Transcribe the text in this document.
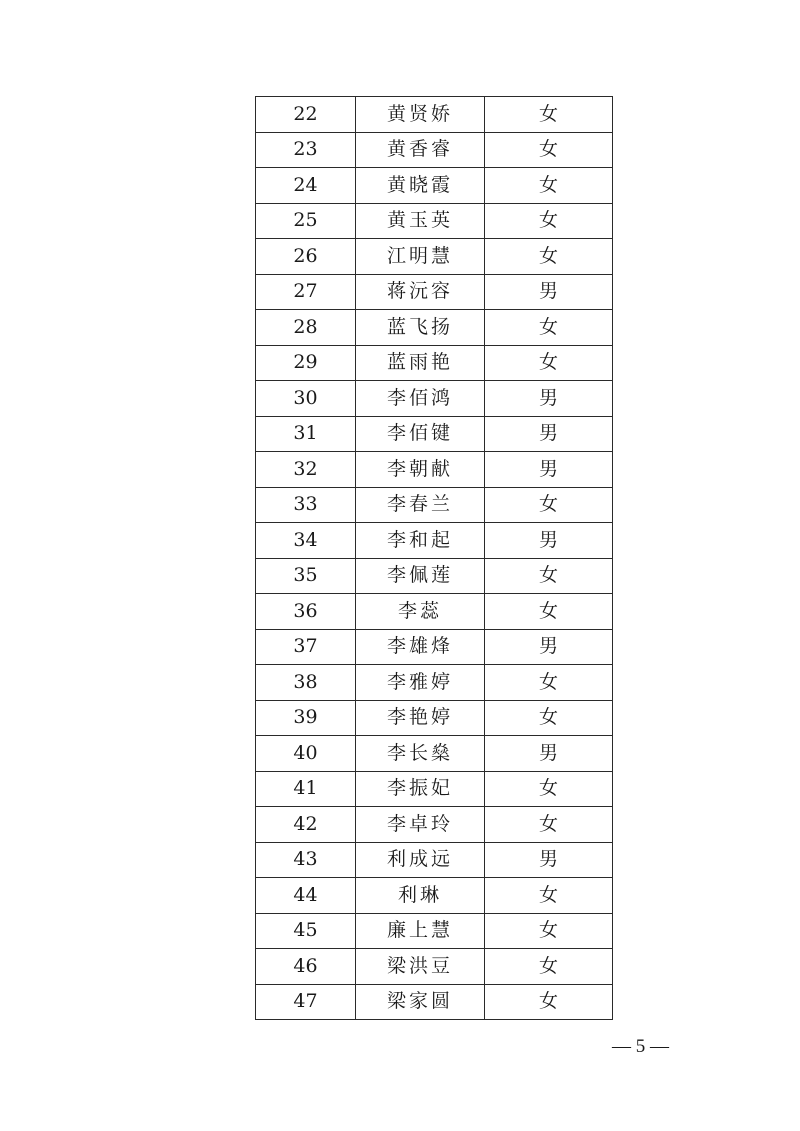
22	黄贤娇	女
23	黄香睿	女
24	黄晓霞	女
25	黄玉英	女
26	江明慧	女
27	蒋沅容	男
28	蓝飞扬	女
29	蓝雨艳	女
30	李佰鸿	男
31	李佰键	男
32	李朝献	男
33	李春兰	女
34	李和起	男
35	李佩莲	女
36	李蕊	女
37	李雄烽	男
38	李雅婷	女
39	李艳婷	女
40	李长燊	男
41	李振妃	女
42	李卓玲	女
43	利成远	男
44	利琳	女
45	廉上慧	女
46	梁洪豆	女
47	梁家圆	女
— 5 —
